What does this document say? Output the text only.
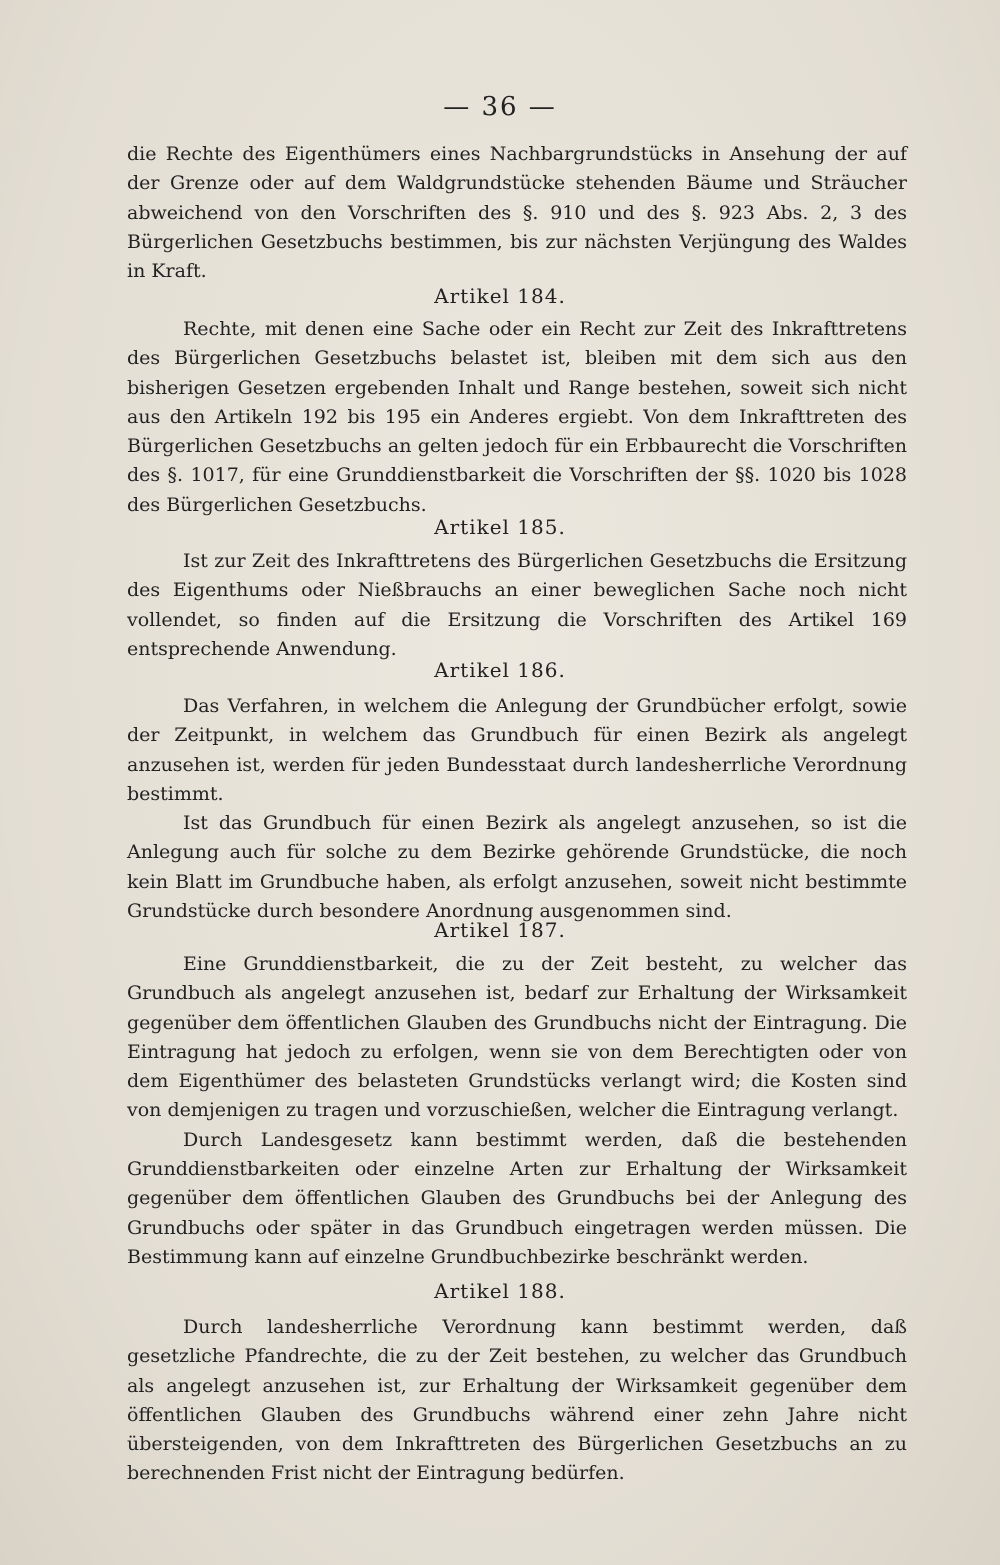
— 36 —

die Rechte des Eigenthümers eines Nachbargrundstücks in Ansehung der auf der Grenze oder auf dem Waldgrundstücke stehenden Bäume und Sträucher abweichend von den Vorschriften des §. 910 und des §. 923 Abs. 2, 3 des Bürgerlichen Gesetzbuchs bestimmen, bis zur nächsten Verjüngung des Waldes in Kraft.

Artikel 184.

Rechte, mit denen eine Sache oder ein Recht zur Zeit des Inkrafttretens des Bürgerlichen Gesetzbuchs belastet ist, bleiben mit dem sich aus den bisherigen Gesetzen ergebenden Inhalt und Range bestehen, soweit sich nicht aus den Artikeln 192 bis 195 ein Anderes ergiebt. Von dem Inkrafttreten des Bürgerlichen Gesetzbuchs an gelten jedoch für ein Erbbaurecht die Vorschriften des §. 1017, für eine Grunddienstbarkeit die Vorschriften der §§. 1020 bis 1028 des Bürgerlichen Gesetzbuchs.

Artikel 185.

Ist zur Zeit des Inkrafttretens des Bürgerlichen Gesetzbuchs die Ersitzung des Eigenthums oder Nießbrauchs an einer beweglichen Sache noch nicht vollendet, so finden auf die Ersitzung die Vorschriften des Artikel 169 entsprechende Anwendung.

Artikel 186.

Das Verfahren, in welchem die Anlegung der Grundbücher erfolgt, sowie der Zeitpunkt, in welchem das Grundbuch für einen Bezirk als angelegt anzusehen ist, werden für jeden Bundesstaat durch landesherrliche Verordnung bestimmt.

Ist das Grundbuch für einen Bezirk als angelegt anzusehen, so ist die Anlegung auch für solche zu dem Bezirke gehörende Grundstücke, die noch kein Blatt im Grundbuche haben, als erfolgt anzusehen, soweit nicht bestimmte Grundstücke durch besondere Anordnung ausgenommen sind.

Artikel 187.

Eine Grunddienstbarkeit, die zu der Zeit besteht, zu welcher das Grundbuch als angelegt anzusehen ist, bedarf zur Erhaltung der Wirksamkeit gegenüber dem öffentlichen Glauben des Grundbuchs nicht der Eintragung. Die Eintragung hat jedoch zu erfolgen, wenn sie von dem Berechtigten oder von dem Eigenthümer des belasteten Grundstücks verlangt wird; die Kosten sind von demjenigen zu tragen und vorzuschießen, welcher die Eintragung verlangt.

Durch Landesgesetz kann bestimmt werden, daß die bestehenden Grunddienstbarkeiten oder einzelne Arten zur Erhaltung der Wirksamkeit gegenüber dem öffentlichen Glauben des Grundbuchs bei der Anlegung des Grundbuchs oder später in das Grundbuch eingetragen werden müssen. Die Bestimmung kann auf einzelne Grundbuchbezirke beschränkt werden.

Artikel 188.

Durch landesherrliche Verordnung kann bestimmt werden, daß gesetzliche Pfandrechte, die zu der Zeit bestehen, zu welcher das Grundbuch als angelegt anzusehen ist, zur Erhaltung der Wirksamkeit gegenüber dem öffentlichen Glauben des Grundbuchs während einer zehn Jahre nicht übersteigenden, von dem Inkrafttreten des Bürgerlichen Gesetzbuchs an zu berechnenden Frist nicht der Eintragung bedürfen.
